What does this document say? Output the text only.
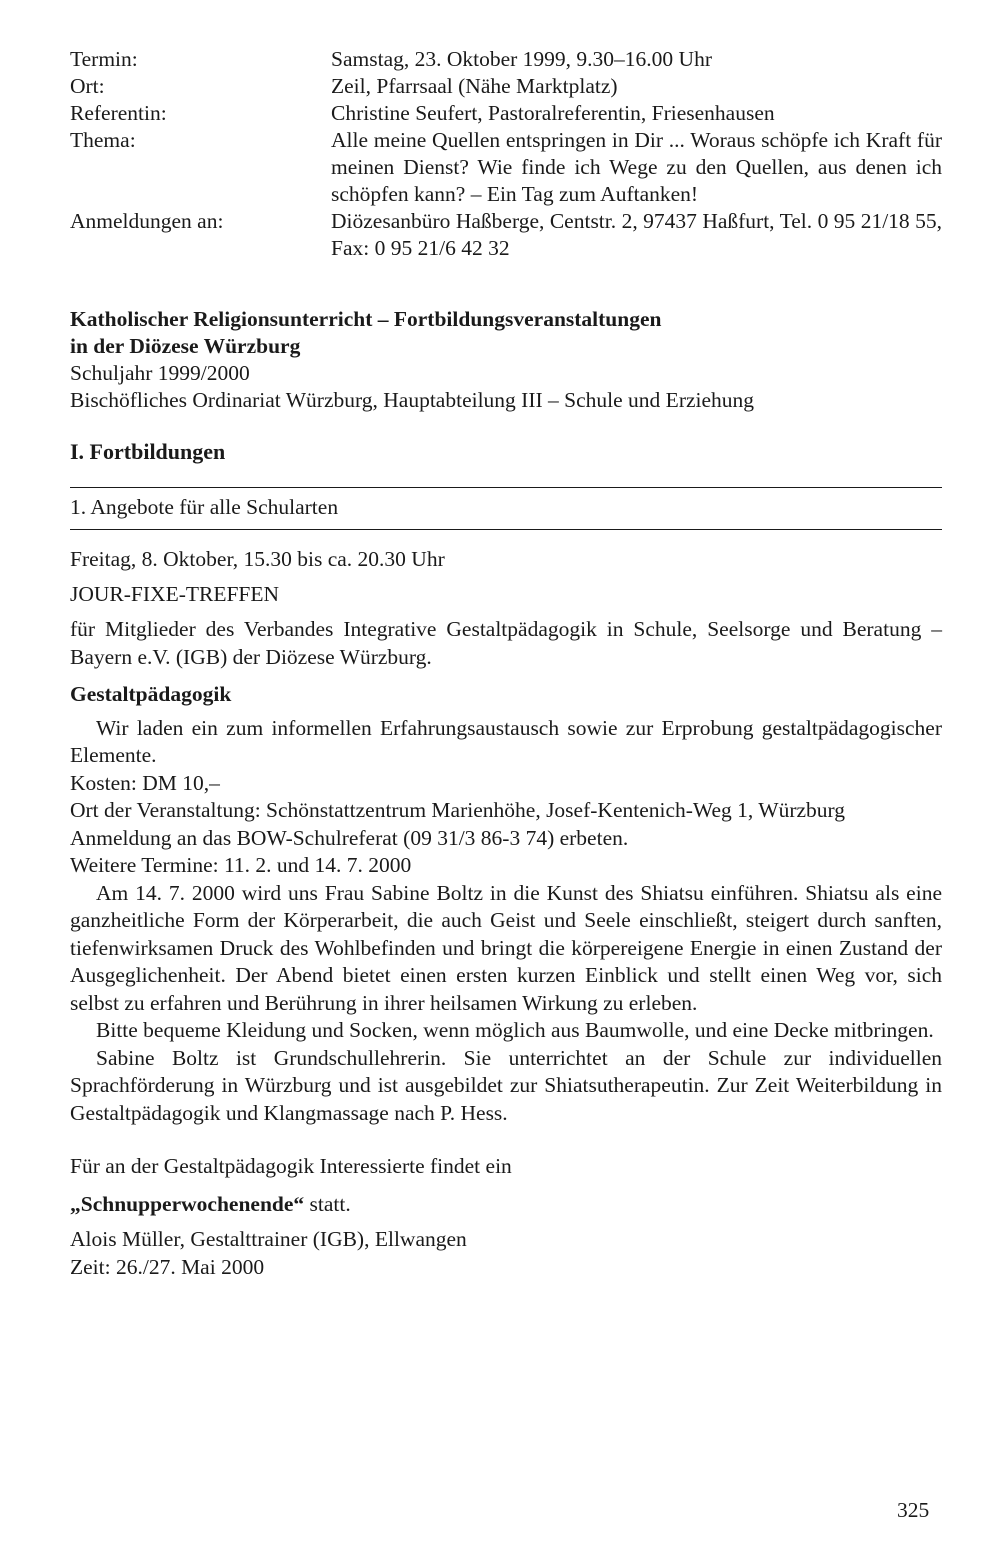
Termin:	Samstag, 23. Oktober 1999, 9.30–16.00 Uhr
Ort:	Zeil, Pfarrsaal (Nähe Marktplatz)
Referentin:	Christine Seufert, Pastoralreferentin, Friesenhausen
Thema:	Alle meine Quellen entspringen in Dir ... Woraus schöpfe ich Kraft für meinen Dienst? Wie finde ich Wege zu den Quellen, aus denen ich schöpfen kann? – Ein Tag zum Auftanken!
Anmeldungen an:	Diözesanbüro Haßberge, Centstr. 2, 97437 Haßfurt, Tel. 0 95 21/18 55, Fax: 0 95 21/6 42 32
Katholischer Religionsunterricht – Fortbildungsveranstaltungen
in der Diözese Würzburg
Schuljahr 1999/2000
Bischöfliches Ordinariat Würzburg, Hauptabteilung III – Schule und Erziehung
I. Fortbildungen
1. Angebote für alle Schularten
Freitag, 8. Oktober, 15.30 bis ca. 20.30 Uhr
JOUR-FIXE-TREFFEN
für Mitglieder des Verbandes Integrative Gestaltpädagogik in Schule, Seelsorge und Beratung – Bayern e.V. (IGB) der Diözese Würzburg.
Gestaltpädagogik
Wir laden ein zum informellen Erfahrungsaustausch sowie zur Erprobung gestaltpädagogischer Elemente.
Kosten: DM 10,–
Ort der Veranstaltung: Schönstattzentrum Marienhöhe, Josef-Kentenich-Weg 1, Würzburg
Anmeldung an das BOW-Schulreferat (09 31/3 86-3 74) erbeten.
Weitere Termine: 11. 2. und 14. 7. 2000
Am 14. 7. 2000 wird uns Frau Sabine Boltz in die Kunst des Shiatsu einführen. Shiatsu als eine ganzheitliche Form der Körperarbeit, die auch Geist und Seele einschließt, steigert durch sanften, tiefenwirksamen Druck des Wohlbefinden und bringt die körpereigene Energie in einen Zustand der Ausgeglichenheit. Der Abend bietet einen ersten kurzen Einblick und stellt einen Weg vor, sich selbst zu erfahren und Berührung in ihrer heilsamen Wirkung zu erleben.
Bitte bequeme Kleidung und Socken, wenn möglich aus Baumwolle, und eine Decke mitbringen.
Sabine Boltz ist Grundschullehrerin. Sie unterrichtet an der Schule zur individuellen Sprachförderung in Würzburg und ist ausgebildet zur Shiatsutherapeutin. Zur Zeit Weiterbildung in Gestaltpädagogik und Klangmassage nach P. Hess.
Für an der Gestaltpädagogik Interessierte findet ein
„Schnupperwochenende“ statt.
Alois Müller, Gestalttrainer (IGB), Ellwangen
Zeit: 26./27. Mai 2000
325
